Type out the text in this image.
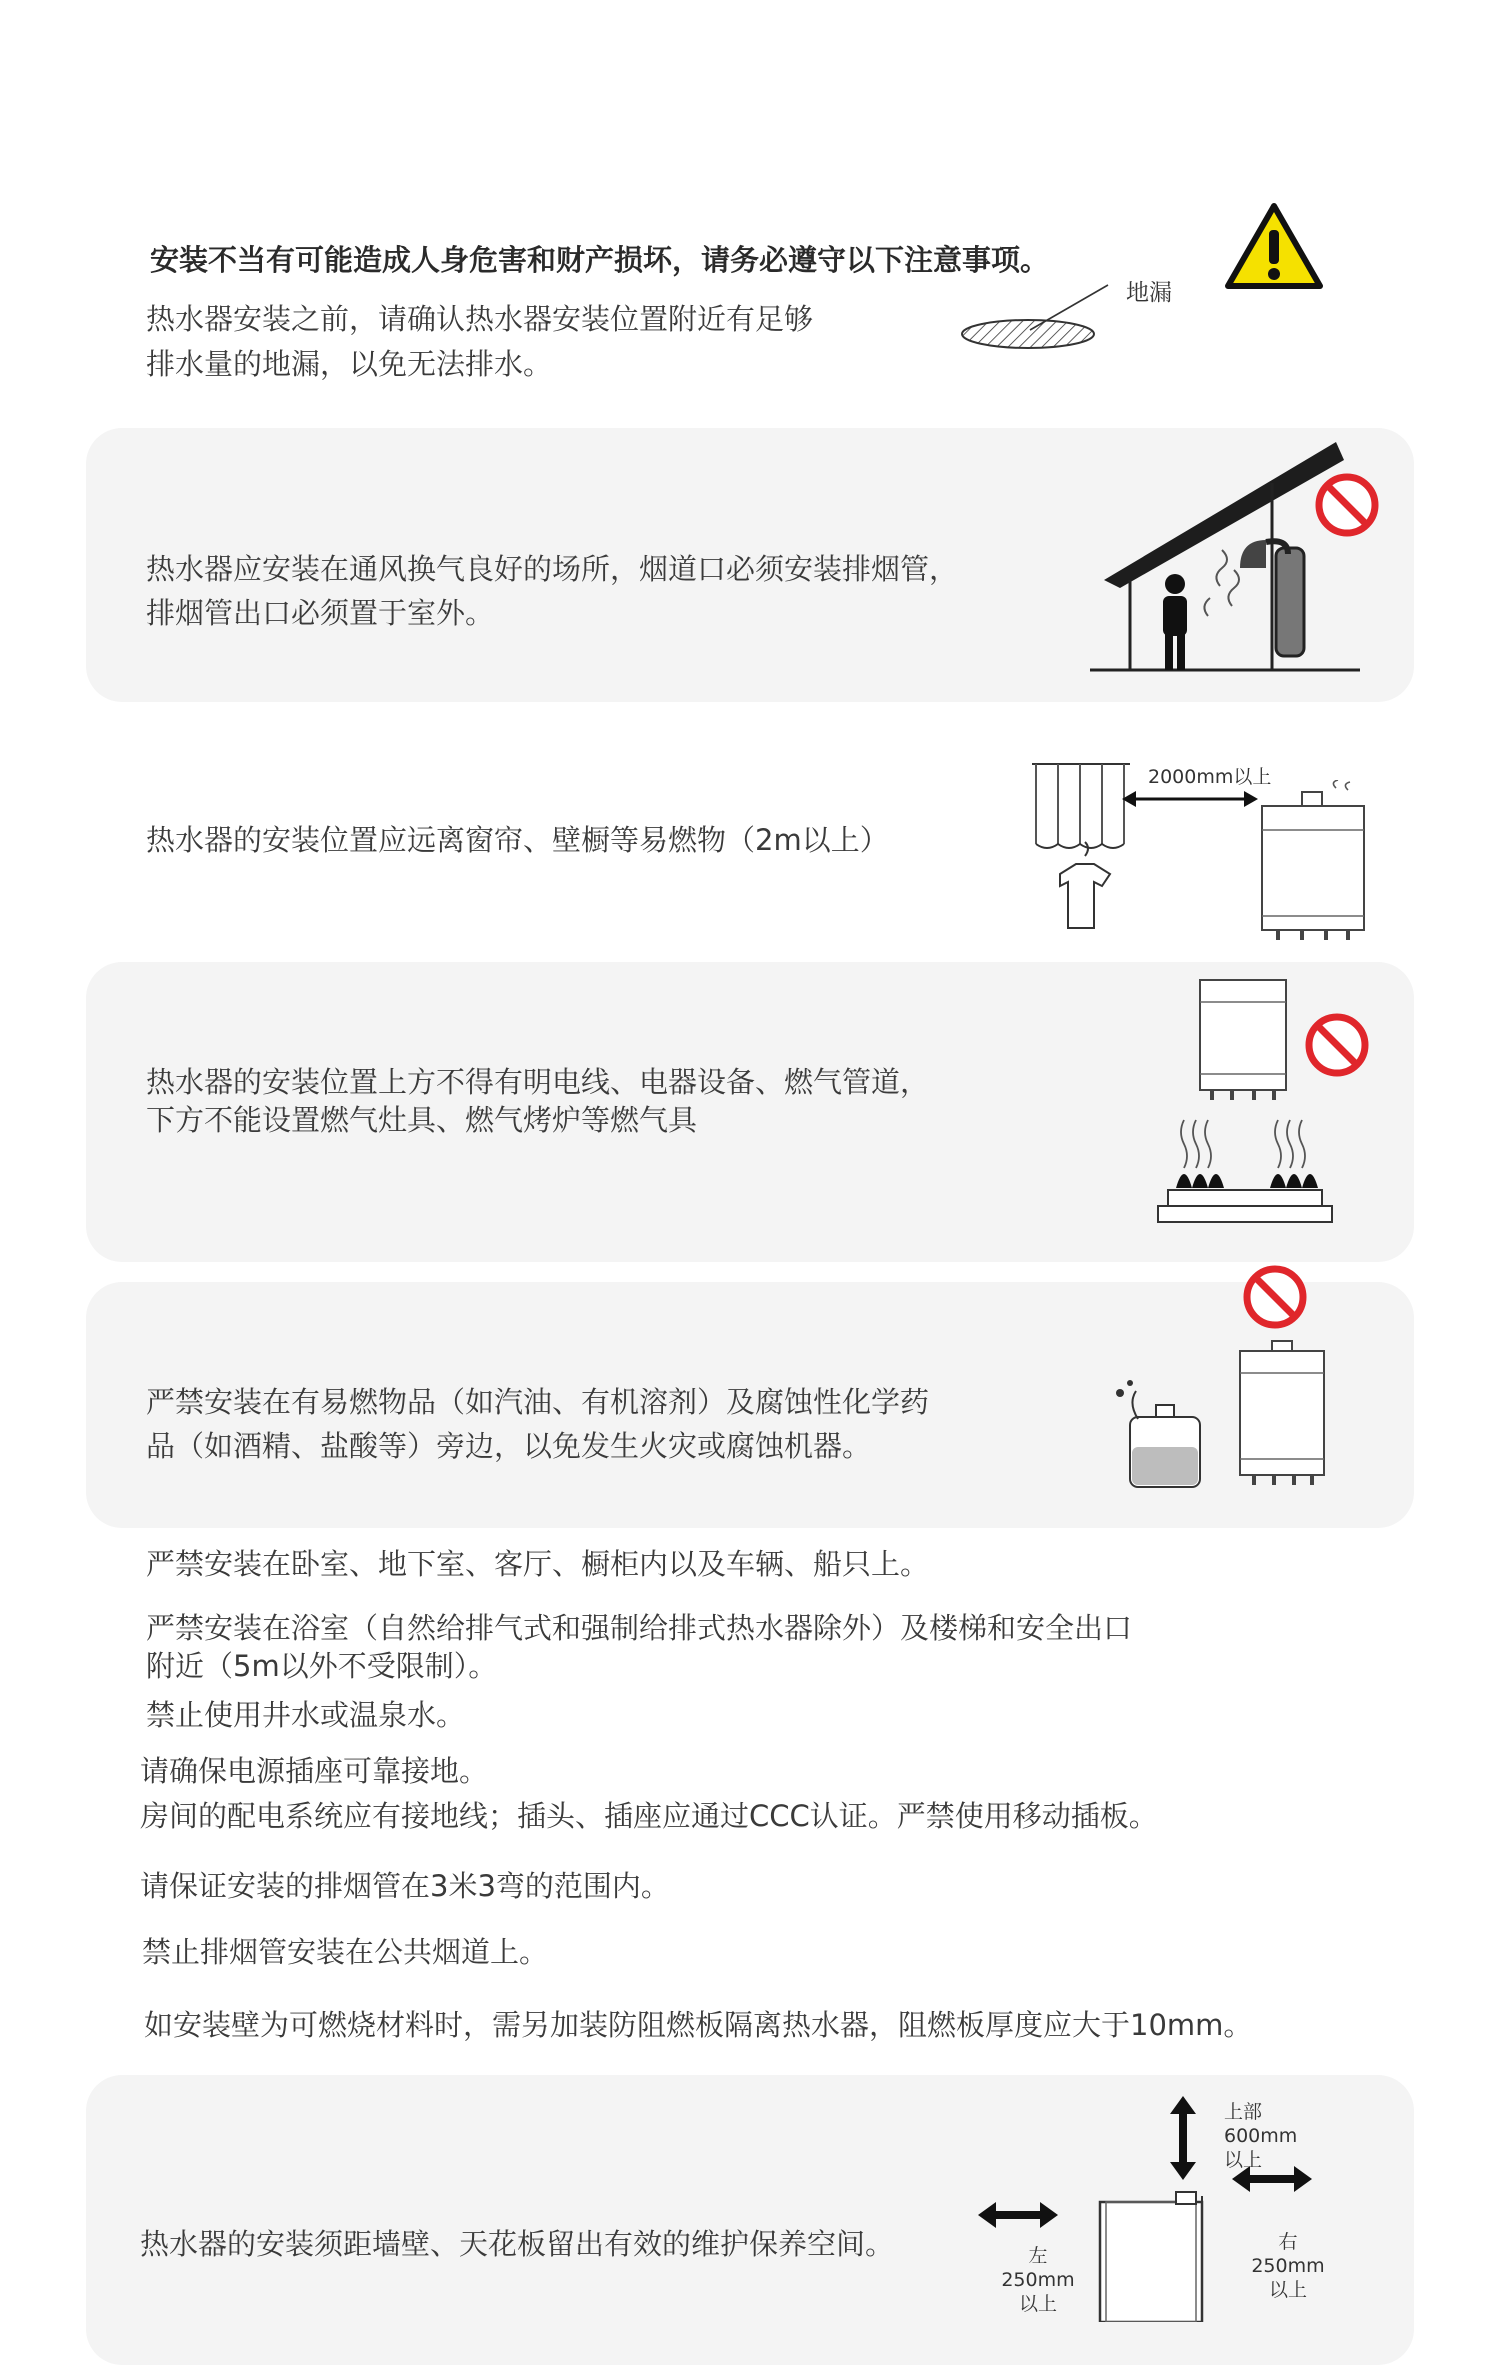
安装不当有可能造成人身危害和财产损坏，请务必遵守以下注意事项。
热水器安装之前，请确认热水器安装位置附近有足够
排水量的地漏，以免无法排水。
地漏
热水器应安装在通风换气良好的场所，烟道口必须安装排烟管，
排烟管出口必须置于室外。
热水器的安装位置应远离窗帘、壁橱等易燃物（2m以上）
2000mm以上
热水器的安装位置上方不得有明电线、电器设备、燃气管道，
下方不能设置燃气灶具、燃气烤炉等燃气具
严禁安装在有易燃物品（如汽油、有机溶剂）及腐蚀性化学药
品（如酒精、盐酸等）旁边，以免发生火灾或腐蚀机器。
严禁安装在卧室、地下室、客厅、橱柜内以及车辆、船只上。
严禁安装在浴室（自然给排气式和强制给排式热水器除外）及楼梯和安全出口
附近（5m以外不受限制）。
禁止使用井水或温泉水。
请确保电源插座可靠接地。
房间的配电系统应有接地线；插头、插座应通过CCC认证。严禁使用移动插板。
请保证安装的排烟管在3米3弯的范围内。
禁止排烟管安装在公共烟道上。
如安装壁为可燃烧材料时，需另加装防阻燃板隔离热水器，阻燃板厚度应大于10mm。
热水器的安装须距墙壁、天花板留出有效的维护保养空间。
上部
600mm
以上
左
250mm
以上
右
250mm
以上
